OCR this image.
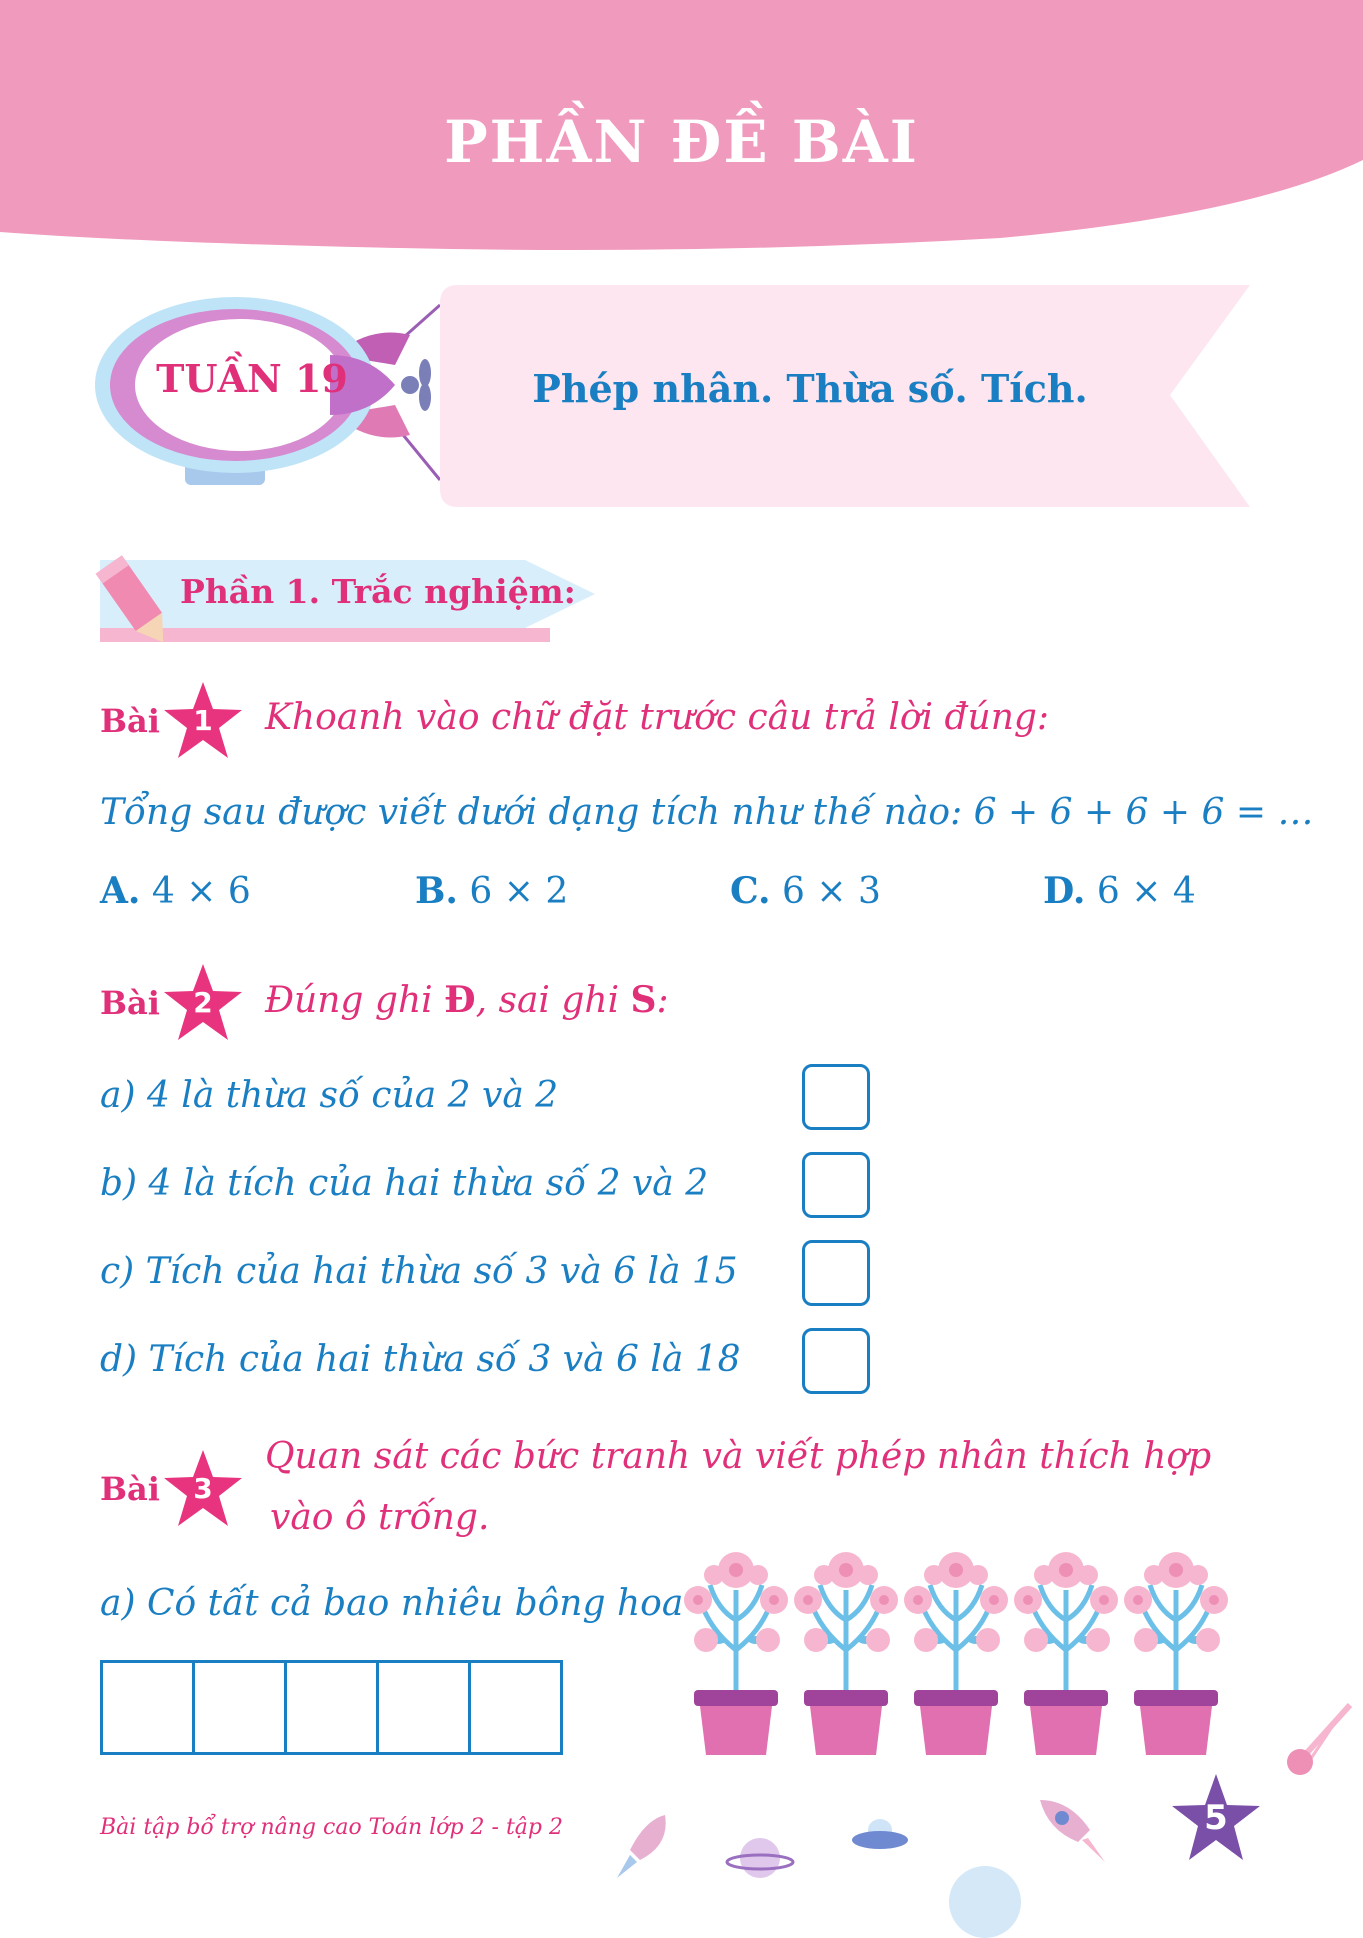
PHẦN ĐỀ BÀI
TUẦN 19	Phép nhân. Thừa số. Tích.
Phần 1. Trắc nghiệm:
Bài	1	Khoanh vào chữ đặt trước câu trả lời đúng:
Tổng sau được viết dưới dạng tích như thế nào: 6 + 6 + 6 + 6 = …
A. 4 × 6	B. 6 × 2	C. 6 × 3	D. 6 × 4
Bài	2	Đúng ghi Đ, sai ghi S:
a) 4 là thừa số của 2 và 2
b) 4 là tích của hai thừa số 2 và 2
c) Tích của hai thừa số 3 và 6 là 15
d) Tích của hai thừa số 3 và 6 là 18
Bài	3
Quan sát các bức tranh và viết phép nhân thích hợp
vào ô trống.
a) Có tất cả bao nhiêu bông hoa
Bài tập bổ trợ nâng cao Toán lớp 2 - tập 2	5
